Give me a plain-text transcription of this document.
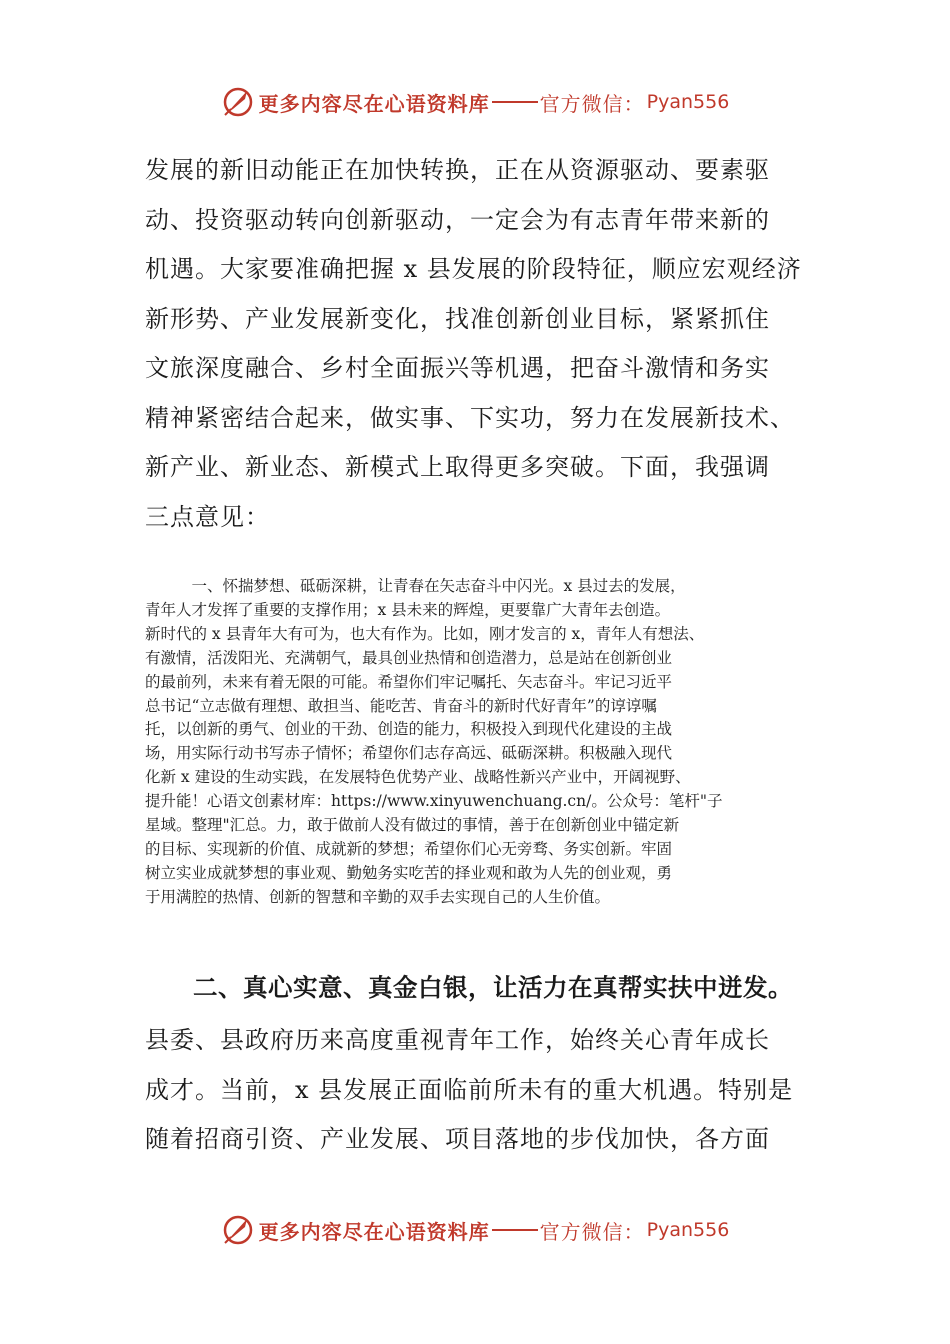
更多内容尽在心语资料库	官方微信： Pyan556
发展的新旧动能正在加快转换，正在从资源驱动、要素驱
动、投资驱动转向创新驱动，一定会为有志青年带来新的
机遇。大家要准确把握 x 县发展的阶段特征，顺应宏观经济
新形势、产业发展新变化，找准创新创业目标，紧紧抓住
文旅深度融合、乡村全面振兴等机遇，把奋斗激情和务实
精神紧密结合起来，做实事、下实功，努力在发展新技术、
新产业、新业态、新模式上取得更多突破。下面，我强调
三点意见：
　　　一、怀揣梦想、砥砺深耕，让青春在矢志奋斗中闪光。x 县过去的发展，
青年人才发挥了重要的支撑作用；x 县未来的辉煌，更要靠广大青年去创造。
新时代的 x 县青年大有可为，也大有作为。比如，刚才发言的 x，青年人有想法、
有激情，活泼阳光、充满朝气，最具创业热情和创造潜力，总是站在创新创业
的最前列，未来有着无限的可能。希望你们牢记嘱托、矢志奋斗。牢记习近平
总书记“立志做有理想、敢担当、能吃苦、肯奋斗的新时代好青年”的谆谆嘱
托，以创新的勇气、创业的干劲、创造的能力，积极投入到现代化建设的主战
场，用实际行动书写赤子情怀；希望你们志存高远、砥砺深耕。积极融入现代
化新 x 建设的生动实践，在发展特色优势产业、战略性新兴产业中，开阔视野、
提升能！心语文创素材库：https://www.xinyuwenchuang.cn/。公众号：笔杆"子
星域。整理"汇总。力，敢于做前人没有做过的事情，善于在创新创业中锚定新
的目标、实现新的价值、成就新的梦想；希望你们心无旁骛、务实创新。牢固
树立实业成就梦想的事业观、勤勉务实吃苦的择业观和敢为人先的创业观，勇
于用满腔的热情、创新的智慧和辛勤的双手去实现自己的人生价值。
二、真心实意、真金白银，让活力在真帮实扶中迸发。
县委、县政府历来高度重视青年工作，始终关心青年成长
成才。当前，x 县发展正面临前所未有的重大机遇。特别是
随着招商引资、产业发展、项目落地的步伐加快，各方面
更多内容尽在心语资料库	官方微信： Pyan556
